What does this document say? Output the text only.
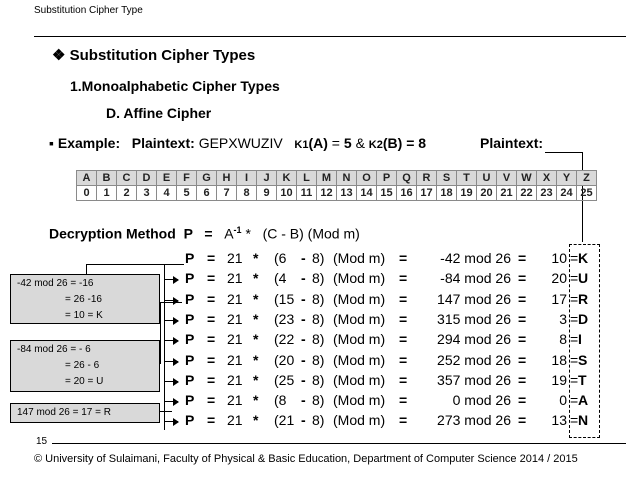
Substitution Cipher Type
❖ Substitution Cipher Types
1.Monoalphabetic Cipher Types
D. Affine Cipher
▪ Example: Plaintext: GEPXWUZIV K1(A) = 5 & K2(B) = 8	Plaintext:
A	B	C	D	E	F	G	H	I	J	K	L	M	N	O	P	Q	R	S	T	U	V	W	X	Y	Z
0	1	2	3	4	5	6	7	8	9	10	11	12	13	14	15	16	17	18	19	20	21	22	23	24	25
Decryption Method $P = A^{-1} * (C - B)$ (Mod m)
P = 21 * (6 - 8) (Mod m) =	-42 mod 26 =	10 = K
P = 21 * (4 - 8) (Mod m) =	-84 mod 26 =	20 = U
P = 21 * (15 - 8) (Mod m) =	147 mod 26 =	17 = R
P = 21 * (23 - 8) (Mod m) =	315 mod 26 =	3 = D
P = 21 * (22 - 8) (Mod m) =	294 mod 26 =	8 = I
P = 21 * (20 - 8) (Mod m) =	252 mod 26 =	18 = S
P = 21 * (25 - 8) (Mod m) =	357 mod 26 =	19 = T
P = 21 * (8 - 8) (Mod m) =	0 mod 26 =	0 = A
P = 21 * (21 - 8) (Mod m) =	273 mod 26 =	13 = N
-42 mod 26 = -16
= 26 -16
= 10 = K
-84 mod 26 = - 6
= 26 - 6
= 20 = U
147 mod 26 = 17 = R
15
© University of Sulaimani, Faculty of Physical & Basic Education, Department of Computer Science 2014 / 2015
